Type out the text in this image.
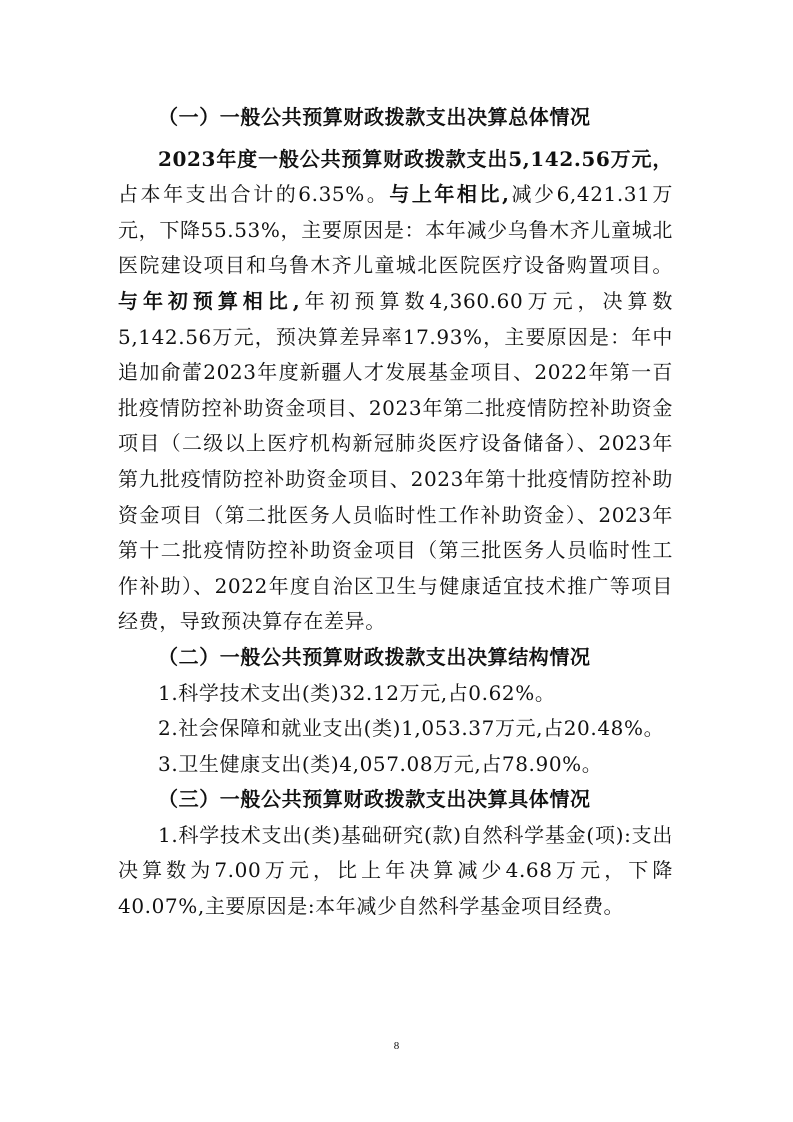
（一）一般公共预算财政拨款支出决算总体情况

2023年度一般公共预算财政拨款支出5,142.56万元，占本年支出合计的6.35%。与上年相比,减少6,421.31万元，下降55.53%，主要原因是：本年减少乌鲁木齐儿童城北医院建设项目和乌鲁木齐儿童城北医院医疗设备购置项目。与年初预算相比,年初预算数4,360.60万元，决算数5,142.56万元，预决算差异率17.93%，主要原因是：年中追加俞蕾2023年度新疆人才发展基金项目、2022年第一百批疫情防控补助资金项目、2023年第二批疫情防控补助资金项目（二级以上医疗机构新冠肺炎医疗设备储备）、2023年第九批疫情防控补助资金项目、2023年第十批疫情防控补助资金项目（第二批医务人员临时性工作补助资金）、2023年第十二批疫情防控补助资金项目（第三批医务人员临时性工作补助）、2022年度自治区卫生与健康适宜技术推广等项目经费，导致预决算存在差异。

（二）一般公共预算财政拨款支出决算结构情况

1.科学技术支出(类)32.12万元,占0.62%。

2.社会保障和就业支出(类)1,053.37万元,占20.48%。

3.卫生健康支出(类)4,057.08万元,占78.90%。

（三）一般公共预算财政拨款支出决算具体情况

1.科学技术支出(类)基础研究(款)自然科学基金(项):支出决算数为7.00万元，比上年决算减少4.68万元，下降40.07%,主要原因是:本年减少自然科学基金项目经费。

8
